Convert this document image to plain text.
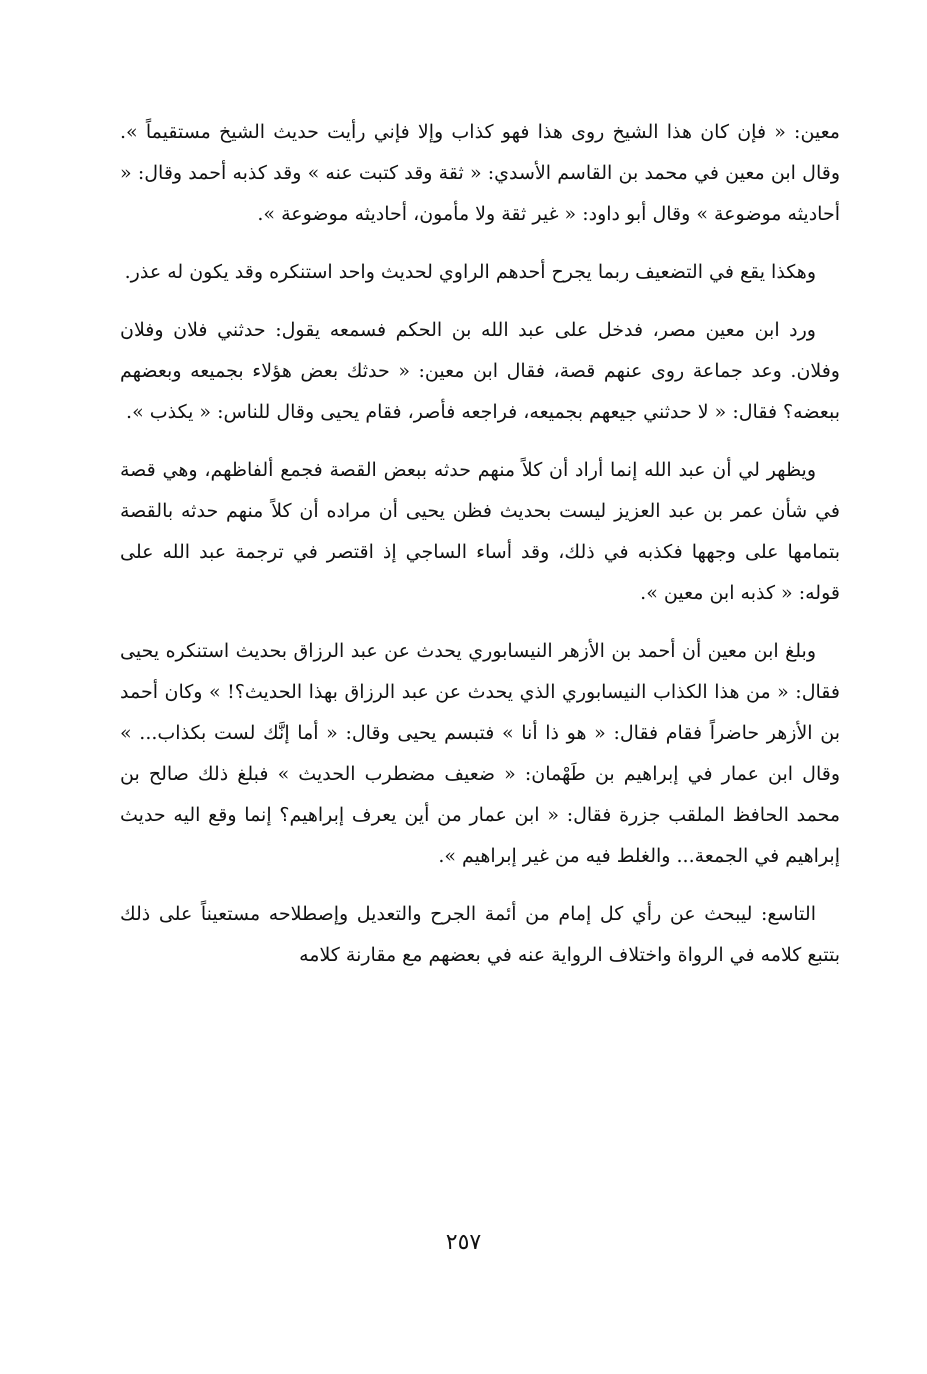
معين: « فإن كان هذا الشيخ روى هذا فهو كذاب وإلا فإني رأيت حديث الشيخ مستقيماً ». وقال ابن معين في محمد بن القاسم الأسدي: « ثقة وقد كتبت عنه » وقد كذبه أحمد وقال: « أحاديثه موضوعة » وقال أبو داود: « غير ثقة ولا مأمون، أحاديثه موضوعة ».

وهكذا يقع في التضعيف ربما يجرح أحدهم الراوي لحديث واحد استنكره وقد يكون له عذر.

ورد ابن معين مصر، فدخل على عبد الله بن الحكم فسمعه يقول: حدثني فلان وفلان وفلان. وعد جماعة روى عنهم قصة، فقال ابن معين: « حدثك بعض هؤلاء بجميعه وبعضهم ببعضه؟ فقال: « لا حدثني جيعهم بجميعه، فراجعه فأصر، فقام يحيى وقال للناس: « يكذب ».

ويظهر لي أن عبد الله إنما أراد أن كلاً منهم حدثه ببعض القصة فجمع ألفاظهم، وهي قصة في شأن عمر بن عبد العزيز ليست بحديث فظن يحيى أن مراده أن كلاً منهم حدثه بالقصة بتمامها على وجهها فكذبه في ذلك، وقد أساء الساجي إذ اقتصر في ترجمة عبد الله على قوله: « كذبه ابن معين ».

وبلغ ابن معين أن أحمد بن الأزهر النيسابوري يحدث عن عبد الرزاق بحديث استنكره يحيى فقال: « من هذا الكذاب النيسابوري الذي يحدث عن عبد الرزاق بهذا الحديث؟! » وكان أحمد بن الأزهر حاضراً فقام فقال: « هو ذا أنا » فتبسم يحيى وقال: « أما إنَّك لست بكذاب... » وقال ابن عمار في إبراهيم بن طَهْمان: « ضعيف مضطرب الحديث » فبلغ ذلك صالح بن محمد الحافظ الملقب جزرة فقال: « ابن عمار من أين يعرف إبراهيم؟ إنما وقع اليه حديث إبراهيم في الجمعة... والغلط فيه من غير إبراهيم ».

التاسع: ليبحث عن رأي كل إمام من أئمة الجرح والتعديل وإصطلاحه مستعيناً على ذلك بتتبع كلامه في الرواة واختلاف الرواية عنه في بعضهم مع مقارنة كلامه

٢٥٧
